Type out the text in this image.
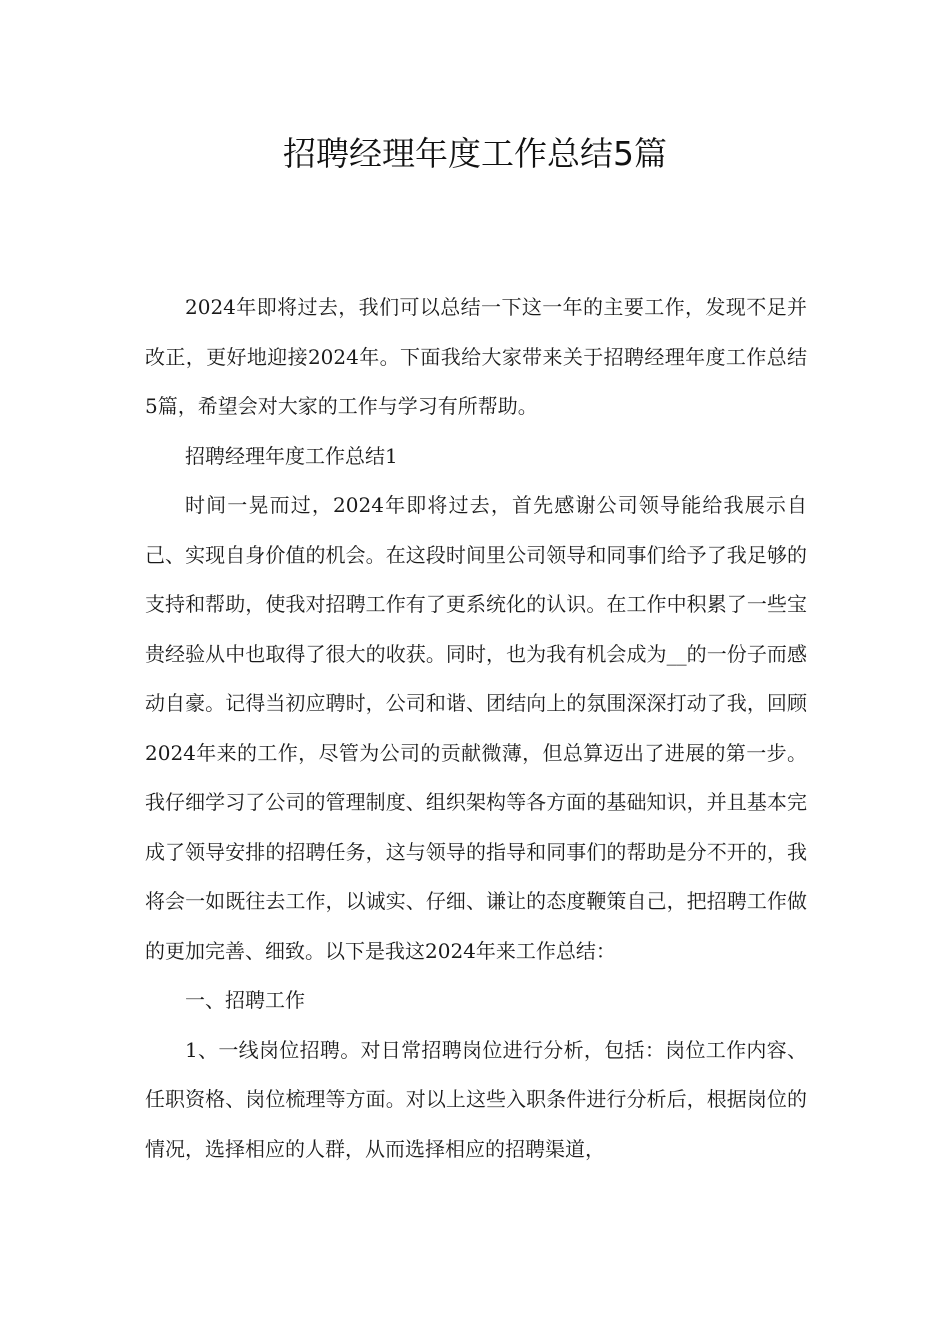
招聘经理年度工作总结5篇

2024年即将过去，我们可以总结一下这一年的主要工作，发现不足并改正，更好地迎接2024年。下面我给大家带来关于招聘经理年度工作总结5篇，希望会对大家的工作与学习有所帮助。

招聘经理年度工作总结1

时间一晃而过，2024年即将过去，首先感谢公司领导能给我展示自己、实现自身价值的机会。在这段时间里公司领导和同事们给予了我足够的支持和帮助，使我对招聘工作有了更系统化的认识。在工作中积累了一些宝贵经验从中也取得了很大的收获。同时，也为我有机会成为__的一份子而感动自豪。记得当初应聘时，公司和谐、团结向上的氛围深深打动了我，回顾2024年来的工作，尽管为公司的贡献微薄，但总算迈出了进展的第一步。我仔细学习了公司的管理制度、组织架构等各方面的基础知识，并且基本完成了领导安排的招聘任务，这与领导的指导和同事们的帮助是分不开的，我将会一如既往去工作，以诚实、仔细、谦让的态度鞭策自己，把招聘工作做的更加完善、细致。以下是我这2024年来工作总结：

一、招聘工作

1、一线岗位招聘。对日常招聘岗位进行分析，包括：岗位工作内容、任职资格、岗位梳理等方面。对以上这些入职条件进行分析后，根据岗位的情况，选择相应的人群，从而选择相应的招聘渠道，
